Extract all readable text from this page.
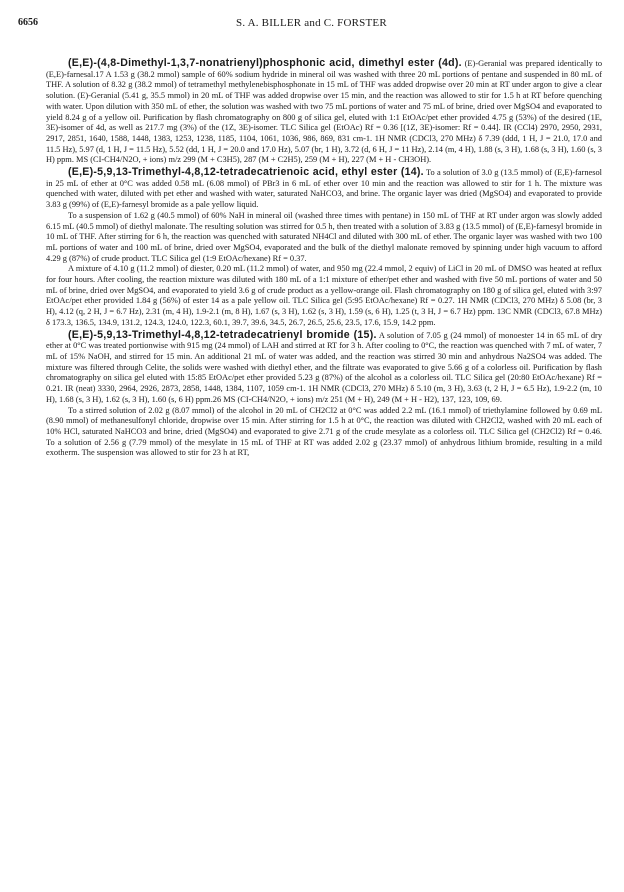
6656	S. A. BILLER and C. FORSTER

(E,E)-(4,8-Dimethyl-1,3,7-nonatrienyl)phosphonic acid, dimethyl ester (4d). (E)-Geranial was prepared identically to (E,E)-farnesal.17 A 1.53 g (38.2 mmol) sample of 60% sodium hydride in mineral oil was washed with three 20 mL portions of pentane and suspended in 80 mL of THF. A solution of 8.32 g (38.2 mmol) of tetramethyl methylenebisphosphonate in 15 mL of THF was added dropwise over 20 min at RT under argon to give a clear solution. (E)-Geranial (5.41 g, 35.5 mmol) in 20 mL of THF was added dropwise over 15 min, and the reaction was allowed to stir for 1.5 h at RT before quenching with water. Upon dilution with 350 mL of ether, the solution was washed with two 75 mL portions of water and 75 mL of brine, dried over MgSO4 and evaporated to yield 8.24 g of a yellow oil. Purification by flash chromatography on 800 g of silica gel, eluted with 1:1 EtOAc/pet ether provided 4.75 g (53%) of the desired (1E, 3E)-isomer of 4d, as well as 217.7 mg (3%) of the (1Z, 3E)-isomer. TLC Silica gel (EtOAc) Rf = 0.36 [(1Z, 3E)-isomer: Rf = 0.44]. IR (CCl4) 2970, 2950, 2931, 2917, 2851, 1640, 1588, 1448, 1383, 1253, 1238, 1185, 1104, 1061, 1036, 986, 869, 831 cm-1. 1H NMR (CDCl3, 270 MHz) δ 7.39 (ddd, 1 H, J = 21.0, 17.0 and 11.5 Hz), 5.97 (d, 1 H, J = 11.5 Hz), 5.52 (dd, 1 H, J = 20.0 and 17.0 Hz), 5.07 (br, 1 H), 3.72 (d, 6 H, J = 11 Hz), 2.14 (m, 4 H), 1.88 (s, 3 H), 1.68 (s, 3 H), 1.60 (s, 3 H) ppm. MS (CI-CH4/N2O, + ions) m/z 299 (M + C3H5), 287 (M + C2H5), 259 (M + H), 227 (M + H - CH3OH).

(E,E)-5,9,13-Trimethyl-4,8,12-tetradecatrienoic acid, ethyl ester (14). To a solution of 3.0 g (13.5 mmol) of (E,E)-farnesol in 25 mL of ether at 0°C was added 0.58 mL (6.08 mmol) of PBr3 in 6 mL of ether over 10 min and the reaction was allowed to stir for 1 h. The mixture was quenched with water, diluted with pet ether and washed with water, saturated NaHCO3, and brine. The organic layer was dried (MgSO4) and evaporated to provide 3.83 g (99%) of (E,E)-farnesyl bromide as a pale yellow liquid.

To a suspension of 1.62 g (40.5 mmol) of 60% NaH in mineral oil (washed three times with pentane) in 150 mL of THF at RT under argon was slowly added 6.15 mL (40.5 mmol) of diethyl malonate. The resulting solution was stirred for 0.5 h, then treated with a solution of 3.83 g (13.5 mmol) of (E,E)-farnesyl bromide in 10 mL of THF. After stirring for 6 h, the reaction was quenched with saturated NH4Cl and diluted with 300 mL of ether. The organic layer was washed with two 100 mL portions of water and 100 mL of brine, dried over MgSO4, evaporated and the bulk of the diethyl malonate removed by spinning under high vacuum to afford 4.29 g (87%) of crude product. TLC Silica gel (1:9 EtOAc/hexane) Rf = 0.37.

A mixture of 4.10 g (11.2 mmol) of diester, 0.20 mL (11.2 mmol) of water, and 950 mg (22.4 mmol, 2 equiv) of LiCl in 20 mL of DMSO was heated at reflux for four hours. After cooling, the reaction mixture was diluted with 180 mL of a 1:1 mixture of ether/pet ether and washed with five 50 mL portions of water and 50 mL of brine, dried over MgSO4, and evaporated to yield 3.6 g of crude product as a yellow-orange oil. Flash chromatography on 180 g of silica gel, eluted with 3:97 EtOAc/pet ether provided 1.84 g (56%) of ester 14 as a pale yellow oil. TLC Silica gel (5:95 EtOAc/hexane) Rf = 0.27. 1H NMR (CDCl3, 270 MHz) δ 5.08 (br, 3 H), 4.12 (q, 2 H, J = 6.7 Hz), 2.31 (m, 4 H), 1.9-2.1 (m, 8 H), 1.67 (s, 3 H), 1.62 (s, 3 H), 1.59 (s, 6 H), 1.25 (t, 3 H, J = 6.7 Hz) ppm. 13C NMR (CDCl3, 67.8 MHz) δ 173.3, 136.5, 134.9, 131.2, 124.3, 124.0, 122.3, 60.1, 39.7, 39.6, 34.5, 26.7, 26.5, 25.6, 23.5, 17.6, 15.9, 14.2 ppm.

(E,E)-5,9,13-Trimethyl-4,8,12-tetradecatrienyl bromide (15). A solution of 7.05 g (24 mmol) of monoester 14 in 65 mL of dry ether at 0°C was treated portionwise with 915 mg (24 mmol) of LAH and stirred at RT for 3 h. After cooling to 0°C, the reaction was quenched with 7 mL of water, 7 mL of 15% NaOH, and stirred for 15 min. An additional 21 mL of water was added, and the reaction was stirred 30 min and anhydrous Na2SO4 was added. The mixture was filtered through Celite, the solids were washed with diethyl ether, and the filtrate was evaporated to give 5.66 g of a colorless oil. Purification by flash chromatography on silica gel eluted with 15:85 EtOAc/pet ether provided 5.23 g (87%) of the alcohol as a colorless oil. TLC Silica gel (20:80 EtOAc/hexane) Rf = 0.21. IR (neat) 3330, 2964, 2926, 2873, 2858, 1448, 1384, 1107, 1059 cm-1. 1H NMR (CDCl3, 270 MHz) δ 5.10 (m, 3 H), 3.63 (t, 2 H, J = 6.5 Hz), 1.9-2.2 (m, 10 H), 1.68 (s, 3 H), 1.62 (s, 3 H), 1.60 (s, 6 H) ppm.26 MS (CI-CH4/N2O, + ions) m/z 251 (M + H), 249 (M + H - H2), 137, 123, 109, 69.

To a stirred solution of 2.02 g (8.07 mmol) of the alcohol in 20 mL of CH2Cl2 at 0°C was added 2.2 mL (16.1 mmol) of triethylamine followed by 0.69 mL (8.90 mmol) of methanesulfonyl chloride, dropwise over 15 min. After stirring for 1.5 h at 0°C, the reaction was diluted with CH2Cl2, washed with 20 mL each of 10% HCl, saturated NaHCO3 and brine, dried (MgSO4) and evaporated to give 2.71 g of the crude mesylate as a colorless oil. TLC Silica gel (CH2Cl2) Rf = 0.46. To a solution of 2.56 g (7.79 mmol) of the mesylate in 15 mL of THF at RT was added 2.02 g (23.37 mmol) of anhydrous lithium bromide, resulting in a mild exotherm. The suspension was allowed to stir for 23 h at RT,
